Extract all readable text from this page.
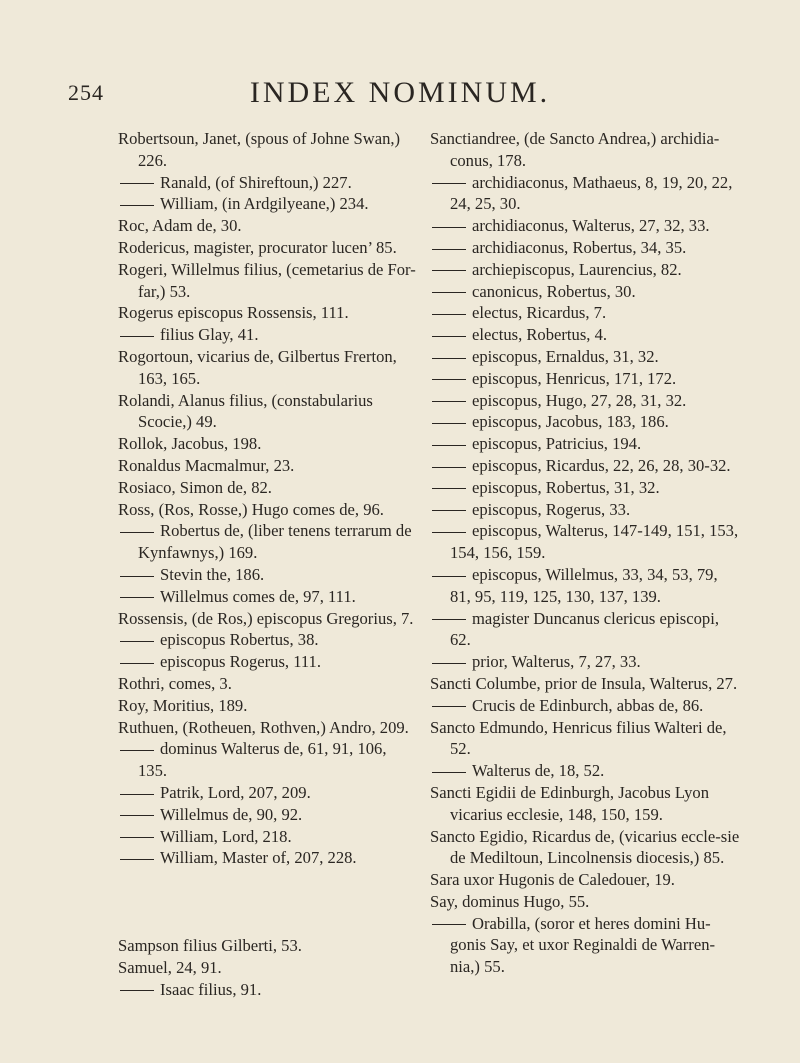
254	INDEX NOMINUM.

Robertsoun, Janet, (spous of Johne Swan,) 226.

Ranald, (of Shireftoun,) 227.

William, (in Ardgilyeane,) 234.

Roc, Adam de, 30.

Rodericus, magister, procurator lucen’ 85.

Rogeri, Willelmus filius, (cemetarius de For-far,) 53.

Rogerus episcopus Rossensis, 111.

filius Glay, 41.

Rogortoun, vicarius de, Gilbertus Frerton, 163, 165.

Rolandi, Alanus filius, (constabularius Scocie,) 49.

Rollok, Jacobus, 198.

Ronaldus Macmalmur, 23.

Rosiaco, Simon de, 82.

Ross, (Ros, Rosse,) Hugo comes de, 96.

Robertus de, (liber tenens terrarum de Kynfawnys,) 169.

Stevin the, 186.

Willelmus comes de, 97, 111.

Rossensis, (de Ros,) episcopus Gregorius, 7.

episcopus Robertus, 38.

episcopus Rogerus, 111.

Rothri, comes, 3.

Roy, Moritius, 189.

Ruthuen, (Rotheuen, Rothven,) Andro, 209.

dominus Walterus de, 61, 91, 106, 135.

Patrik, Lord, 207, 209.

Willelmus de, 90, 92.

William, Lord, 218.

William, Master of, 207, 228.

Sampson filius Gilberti, 53.

Samuel, 24, 91.

Isaac filius, 91.

Sanctiandree, (de Sancto Andrea,) archidia-conus, 178.

archidiaconus, Mathaeus, 8, 19, 20, 22, 24, 25, 30.

archidiaconus, Walterus, 27, 32, 33.

archidiaconus, Robertus, 34, 35.

archiepiscopus, Laurencius, 82.

canonicus, Robertus, 30.

electus, Ricardus, 7.

electus, Robertus, 4.

episcopus, Ernaldus, 31, 32.

episcopus, Henricus, 171, 172.

episcopus, Hugo, 27, 28, 31, 32.

episcopus, Jacobus, 183, 186.

episcopus, Patricius, 194.

episcopus, Ricardus, 22, 26, 28, 30-32.

episcopus, Robertus, 31, 32.

episcopus, Rogerus, 33.

episcopus, Walterus, 147-149, 151, 153, 154, 156, 159.

episcopus, Willelmus, 33, 34, 53, 79, 81, 95, 119, 125, 130, 137, 139.

magister Duncanus clericus episcopi, 62.

prior, Walterus, 7, 27, 33.

Sancti Columbe, prior de Insula, Walterus, 27.

Crucis de Edinburch, abbas de, 86.

Sancto Edmundo, Henricus filius Walteri de, 52.

Walterus de, 18, 52.

Sancti Egidii de Edinburgh, Jacobus Lyon vicarius ecclesie, 148, 150, 159.

Sancto Egidio, Ricardus de, (vicarius eccle-sie de Mediltoun, Lincolnensis diocesis,) 85.

Sara uxor Hugonis de Caledouer, 19.

Say, dominus Hugo, 55.

Orabilla, (soror et heres domini Hu-gonis Say, et uxor Reginaldi de Warren-nia,) 55.
